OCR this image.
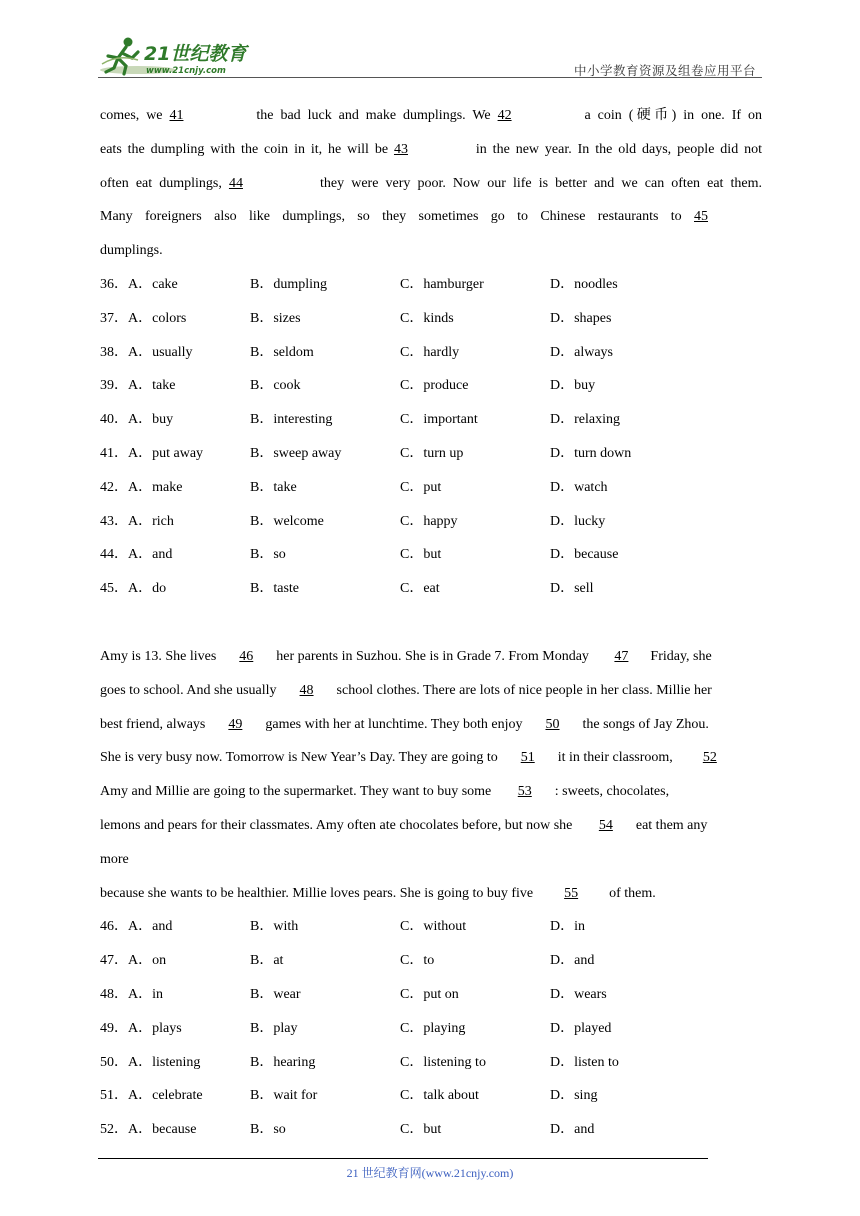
21世纪教育
www.21cnjy.com	中小学教育资源及组卷应用平台
comes, we 41	the bad luck and make dumplings. We 42	a coin (硬币) in one. If on
eats the dumpling with the coin in it, he will be 43	in the new year. In the old days, people did not
often eat dumplings, 44	they were very poor. Now our life is better and we can often eat them.
Many foreigners also like dumplings, so they sometimes go to Chinese restaurants to 45
dumplings.
36．A．cake	B．dumpling	C．hamburger	D．noodles
37．A．colors	B．sizes	C．kinds	D．shapes
38．A．usually	B．seldom	C．hardly	D．always
39．A．take	B．cook	C．produce	D．buy
40．A．buy	B．interesting	C．important	D．relaxing
41．A．put away	B．sweep away	C．turn up	D．turn down
42．A．make	B．take	C．put	D．watch
43．A．rich	B．welcome	C．happy	D．lucky
44．A．and	B．so	C．but	D．because
45．A．do	B．taste	C．eat	D．sell
Amy is 13. She lives 46 her parents in Suzhou. She is in Grade 7. From Monday 47 Friday, she
goes to school. And she usually 48 school clothes. There are lots of nice people in her class. Millie her
best friend, always 49 games with her at lunchtime. They both enjoy 50 the songs of Jay Zhou.
She is very busy now. Tomorrow is New Year’s Day. They are going to 51 it in their classroom, 52
Amy and Millie are going to the supermarket. They want to buy some 53 : sweets, chocolates,
lemons and pears for their classmates. Amy often ate chocolates before, but now she 54 eat them any
more
because she wants to be healthier. Millie loves pears. She is going to buy five 55 of them.
46．A．and	B．with	C．without	D．in
47．A．on	B．at	C．to	D．and
48．A．in	B．wear	C．put on	D．wears
49．A．plays	B．play	C．playing	D．played
50．A．listening	B．hearing	C．listening to	D．listen to
51．A．celebrate	B．wait for	C．talk about	D．sing
52．A．because	B．so	C．but	D．and
21 世纪教育网(www.21cnjy.com)
